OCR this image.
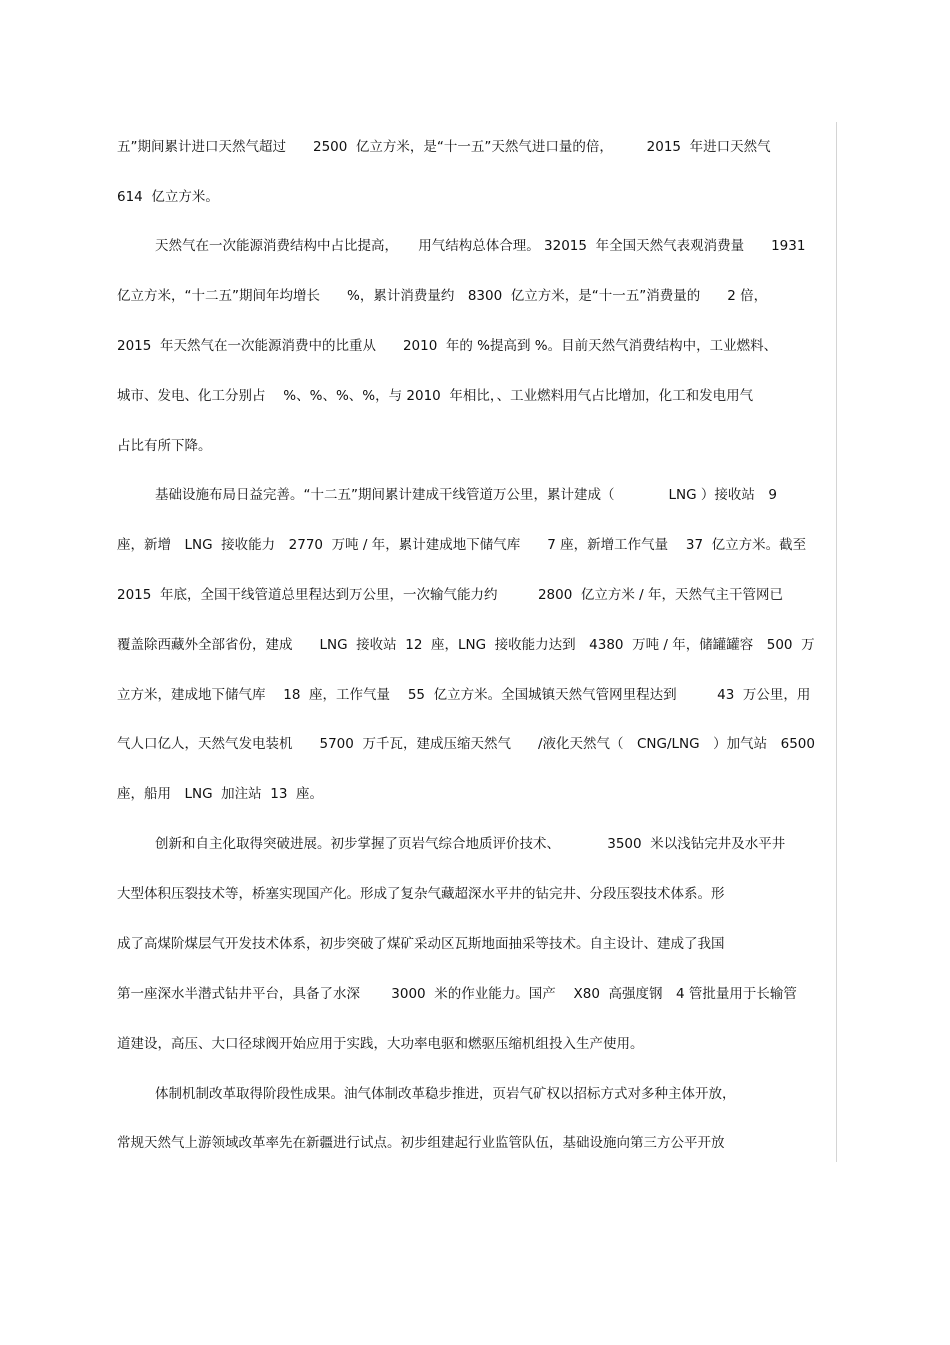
五”期间累计进口天然气超过　　2500  亿立方米，是“十一五”天然气进口量的倍，　　　2015  年进口天然气
614  亿立方米。
天然气在一次能源消费结构中占比提高，　　用气结构总体合理。 32015  年全国天然气表观消费量　　1931
亿立方米，“十二五”期间年均增长　　%，累计消费量约　8300  亿立方米，是“十一五”消费量的　　2 倍，
2015  年天然气在一次能源消费中的比重从　　2010  年的 %提高到 %。目前天然气消费结构中，工业燃料、
城市、发电、化工分别占　 %、%、%、%，与 2010  年相比，、工业燃料用气占比增加，化工和发电用气
占比有所下降。
基础设施布局日益完善。“十二五”期间累计建成干线管道万公里，累计建成（　　　　LNG ）接收站　9
座，新增　LNG  接收能力　2770  万吨 / 年，累计建成地下储气库　　7 座，新增工作气量　 37  亿立方米。截至
2015  年底，全国干线管道总里程达到万公里，一次输气能力约　　　2800  亿立方米 / 年，天然气主干管网已
覆盖除西藏外全部省份，建成　　LNG  接收站  12  座，LNG  接收能力达到　4380  万吨 / 年，储罐罐容　500  万
立方米，建成地下储气库　 18  座，工作气量　 55  亿立方米。全国城镇天然气管网里程达到　　　43  万公里，用
气人口亿人，天然气发电装机　　5700  万千瓦，建成压缩天然气　　/液化天然气（　CNG/LNG　）加气站　6500
座，船用　LNG  加注站  13  座。
创新和自主化取得突破进展。初步掌握了页岩气综合地质评价技术、　　　　3500  米以浅钻完井及水平井
大型体积压裂技术等，桥塞实现国产化。形成了复杂气藏超深水平井的钻完井、分段压裂技术体系。形
成了高煤阶煤层气开发技术体系，初步突破了煤矿采动区瓦斯地面抽采等技术。自主设计、建成了我国
第一座深水半潜式钻井平台，具备了水深　　 3000  米的作业能力。国产　 X80  高强度钢　4 管批量用于长输管
道建设，高压、大口径球阀开始应用于实践，大功率电驱和燃驱压缩机组投入生产使用。
体制机制改革取得阶段性成果。油气体制改革稳步推进，页岩气矿权以招标方式对多种主体开放，
常规天然气上游领域改革率先在新疆进行试点。初步组建起行业监管队伍，基础设施向第三方公平开放
